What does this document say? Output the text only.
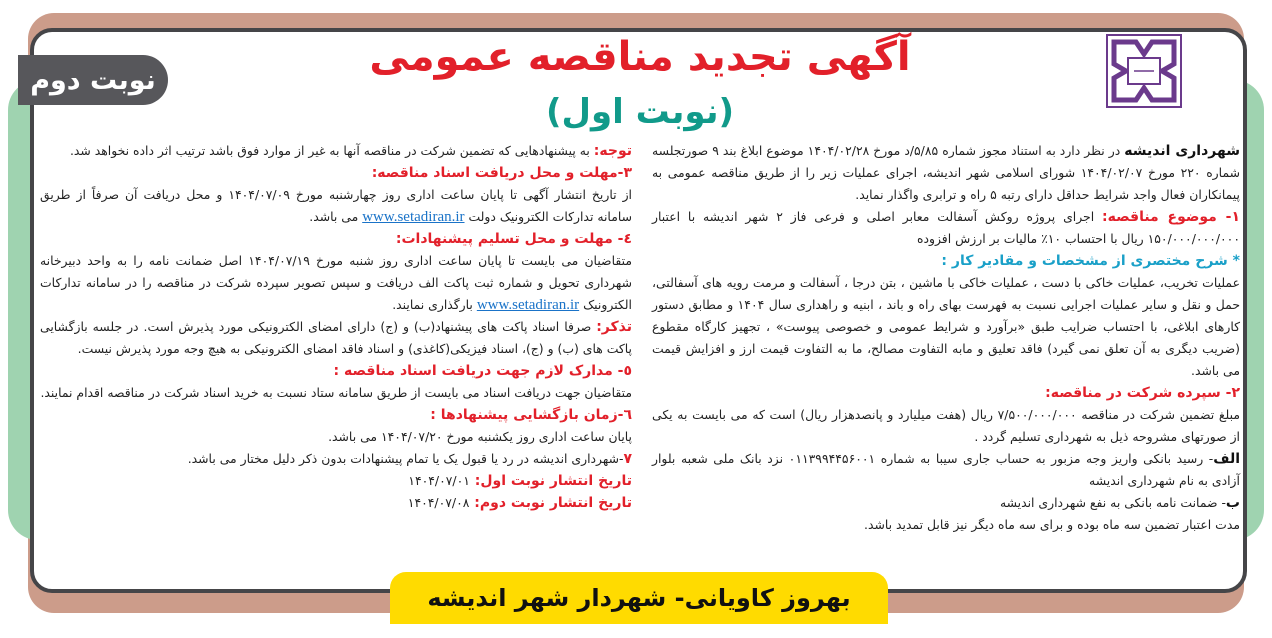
نوبت دوم	آگهی تجدید مناقصه عمومی
(نوبت اول)

شهرداری اندیشه در نظر دارد به استناد مجوز شماره ۵/۸۵/د مورخ ۱۴۰۴/۰۲/۲۸ موضوع ابلاغ بند ۹ صورتجلسه شماره ۲۲۰ مورخ ۱۴۰۴/۰۲/۰۷ شورای اسلامی شهر اندیشه، اجرای عملیات زیر را از طریق مناقصه عمومی به پیمانکاران فعال واجد شرایط حداقل دارای رتبه ۵ راه و ترابری واگذار نماید.

۱- موضوع مناقصه: اجرای پروژه روکش آسفالت معابر اصلی و فرعی فاز ۲ شهر اندیشه با اعتبار ۱۵۰/۰۰۰/۰۰۰/۰۰۰ ریال با احتساب ۱۰٪ مالیات بر ارزش افزوده

* شرح مختصری از مشخصات و مقادیر کار :

عملیات تخریب، عملیات خاکی با دست ، عملیات خاکی با ماشین ، بتن درجا ، آسفالت و مرمت رویه های آسفالتی، حمل و نقل و سایر عملیات اجرایی نسبت به فهرست بهای راه و باند ، ابنیه و راهداری سال ۱۴۰۴ و مطابق دستور کارهای ابلاغی، با احتساب ضرایب طبق «برآورد و شرایط عمومی و خصوصی پیوست» ، تجهیز کارگاه مقطوع (ضریب دیگری به آن تعلق نمی گیرد) فاقد تعلیق و مابه التفاوت مصالح، ما به التفاوت قیمت ارز و افزایش قیمت می باشد.

۲- سپرده شرکت در مناقصه:

مبلغ تضمین شرکت در مناقصه ۷/۵۰۰/۰۰۰/۰۰۰ ریال (هفت میلیارد و پانصدهزار ریال) است که می بایست به یکی از صورتهای مشروحه ذیل به شهرداری تسلیم گردد .

الف- رسید بانکی واریز وجه مزبور به حساب جاری سیبا به شماره ۰۱۱۳۹۹۴۴۵۶۰۰۱ نزد بانک ملی شعبه بلوار آزادی به نام شهرداری اندیشه

ب- ضمانت نامه بانکی به نفع شهرداری اندیشه

مدت اعتبار تضمین سه ماه بوده و برای سه ماه دیگر نیز قابل تمدید باشد.

توجه: به پیشنهادهایی که تضمین شرکت در مناقصه آنها به غیر از موارد فوق باشد ترتیب اثر داده نخواهد شد.

۳-مهلت و محل دریافت اسناد مناقصه:

از تاریخ انتشار آگهی تا پایان ساعت اداری روز چهارشنبه مورخ ۱۴۰۴/۰۷/۰۹ و محل دریافت آن صرفاً از طریق سامانه تدارکات الکترونیک دولت www.setadiran.ir می باشد.

٤- مهلت و محل تسلیم پیشنهادات:

متقاضیان می بایست تا پایان ساعت اداری روز شنبه مورخ ۱۴۰۴/۰۷/۱۹ اصل ضمانت نامه را به واحد دبیرخانه شهرداری تحویل و شماره ثبت پاکت الف دریافت و سپس تصویر سپرده شرکت در مناقصه را در سامانه تدارکات الکترونیک www.setadiran.ir بارگذاری نمایند.

تذکر: صرفا اسناد پاکت های پیشنهاد(ب) و (ج) دارای امضای الکترونیکی مورد پذیرش است. در جلسه بازگشایی پاکت های (ب) و (ج)، اسناد فیزیکی(کاغذی) و اسناد فاقد امضای الکترونیکی به هیچ وجه مورد پذیرش نیست.

٥- مدارک لازم جهت دریافت اسناد مناقصه :

متقاضیان جهت دریافت اسناد می بایست از طریق سامانه ستاد نسبت به خرید اسناد شرکت در مناقصه اقدام نمایند.

٦-زمان بازگشایی پیشنهادها :

پایان ساعت اداری روز یکشنبه مورخ ۱۴۰۴/۰۷/۲۰ می باشد.

۷-شهرداری اندیشه در رد یا قبول یک یا تمام پیشنهادات بدون ذکر دلیل مختار می باشد.

تاریخ انتشار نوبت اول: ۱۴۰۴/۰۷/۰۱

تاریخ انتشار نوبت دوم: ۱۴۰۴/۰۷/۰۸

بهروز کاویانی- شهردار شهر اندیشه
